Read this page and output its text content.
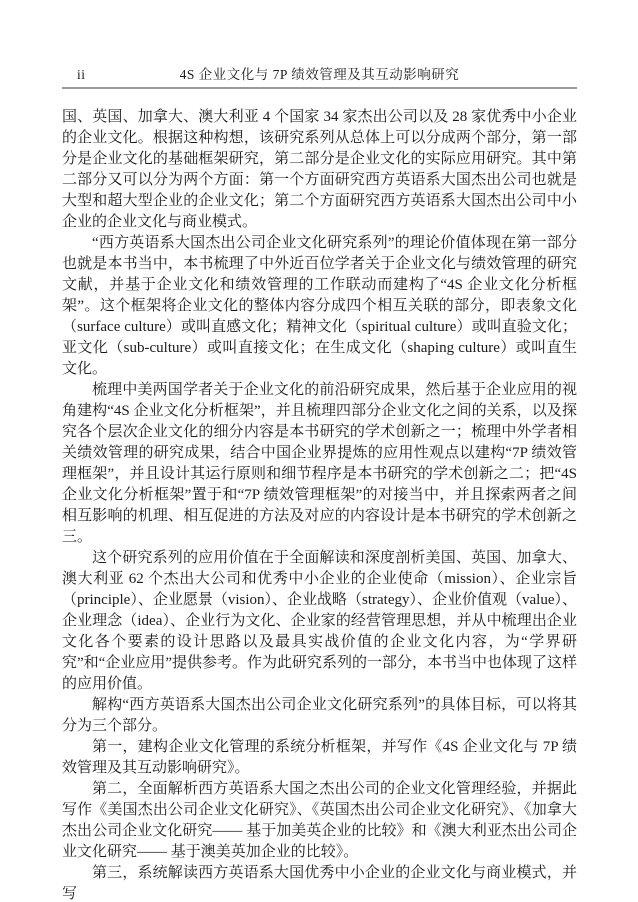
ii	4S 企业文化与 7P 绩效管理及其互动影响研究

国、英国、加拿大、澳大利亚 4 个国家 34 家杰出公司以及 28 家优秀中小企业的企业文化。根据这种构想，该研究系列从总体上可以分成两个部分，第一部分是企业文化的基础框架研究，第二部分是企业文化的实际应用研究。其中第二部分又可以分为两个方面：第一个方面研究西方英语系大国杰出公司也就是大型和超大型企业的企业文化；第二个方面研究西方英语系大国杰出公司中小企业的企业文化与商业模式。

“西方英语系大国杰出公司企业文化研究系列”的理论价值体现在第一部分也就是本书当中，本书梳理了中外近百位学者关于企业文化与绩效管理的研究文献，并基于企业文化和绩效管理的工作联动而建构了“4S 企业文化分析框架”。这个框架将企业文化的整体内容分成四个相互关联的部分，即表象文化（surface culture）或叫直感文化；精神文化（spiritual culture）或叫直验文化；亚文化（sub-culture）或叫直接文化；在生成文化（shaping culture）或叫直生文化。

梳理中美两国学者关于企业文化的前沿研究成果，然后基于企业应用的视角建构“4S 企业文化分析框架”，并且梳理四部分企业文化之间的关系，以及探究各个层次企业文化的细分内容是本书研究的学术创新之一；梳理中外学者相关绩效管理的研究成果，结合中国企业界提炼的应用性观点以建构“7P 绩效管理框架”，并且设计其运行原则和细节程序是本书研究的学术创新之二；把“4S 企业文化分析框架”置于和“7P 绩效管理框架”的对接当中，并且探索两者之间相互影响的机理、相互促进的方法及对应的内容设计是本书研究的学术创新之三。

这个研究系列的应用价值在于全面解读和深度剖析美国、英国、加拿大、澳大利亚 62 个杰出大公司和优秀中小企业的企业使命（mission）、企业宗旨（principle）、企业愿景（vision）、企业战略（strategy）、企业价值观（value）、企业理念（idea）、企业行为文化、企业家的经营管理思想，并从中梳理出企业文化各个要素的设计思路以及最具实战价值的企业文化内容，为“学界研究”和“企业应用”提供参考。作为此研究系列的一部分，本书当中也体现了这样的应用价值。

解构“西方英语系大国杰出公司企业文化研究系列”的具体目标，可以将其分为三个部分。

第一，建构企业文化管理的系统分析框架，并写作《4S 企业文化与 7P 绩效管理及其互动影响研究》。

第二，全面解析西方英语系大国之杰出公司的企业文化管理经验，并据此写作《美国杰出公司企业文化研究》、《英国杰出公司企业文化研究》、《加拿大杰出公司企业文化研究—— 基于加美英企业的比较》和《澳大利亚杰出公司企业文化研究—— 基于澳美英加企业的比较》。

第三，系统解读西方英语系大国优秀中小企业的企业文化与商业模式，并写
